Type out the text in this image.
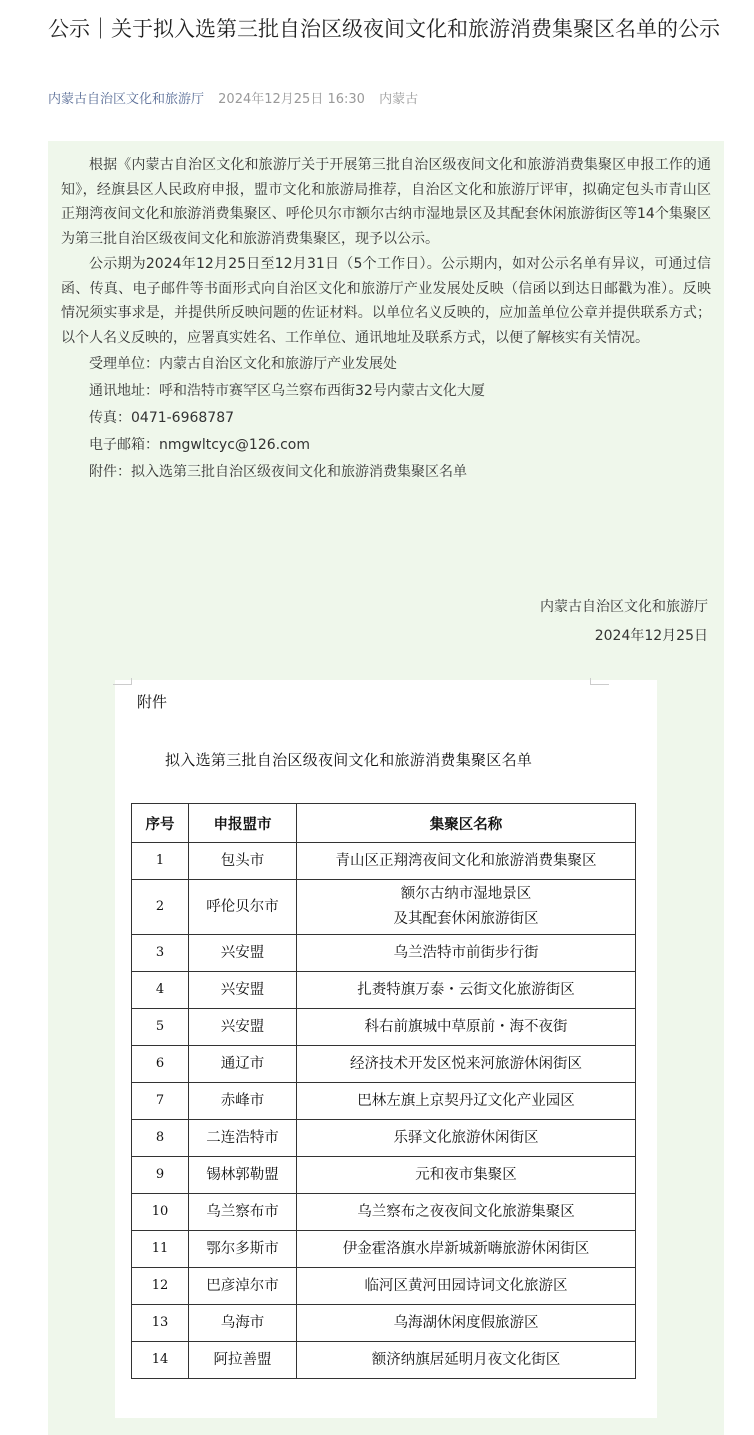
公示｜关于拟入选第三批自治区级夜间文化和旅游消费集聚区名单的公示
内蒙古自治区文化和旅游厅 2024年12月25日 16:30 内蒙古

根据《内蒙古自治区文化和旅游厅关于开展第三批自治区级夜间文化和旅游消费集聚区申报工作的通知》，经旗县区人民政府申报，盟市文化和旅游局推荐，自治区文化和旅游厅评审，拟确定包头市青山区正翔湾夜间文化和旅游消费集聚区、呼伦贝尔市额尔古纳市湿地景区及其配套休闲旅游街区等14个集聚区为第三批自治区级夜间文化和旅游消费集聚区，现予以公示。

公示期为2024年12月25日至12月31日（5个工作日）。公示期内，如对公示名单有异议，可通过信函、传真、电子邮件等书面形式向自治区文化和旅游厅产业发展处反映（信函以到达日邮戳为准）。反映情况须实事求是，并提供所反映问题的佐证材料。以单位名义反映的，应加盖单位公章并提供联系方式；以个人名义反映的，应署真实姓名、工作单位、通讯地址及联系方式，以便了解核实有关情况。

受理单位：内蒙古自治区文化和旅游厅产业发展处
通讯地址：呼和浩特市赛罕区乌兰察布西街32号内蒙古文化大厦
传真：0471-6968787
电子邮箱：nmgwltcyc@126.com
附件：拟入选第三批自治区级夜间文化和旅游消费集聚区名单
内蒙古自治区文化和旅游厅
2024年12月25日
附件
拟入选第三批自治区级夜间文化和旅游消费集聚区名单
序号	申报盟市	集聚区名称
1	包头市	青山区正翔湾夜间文化和旅游消费集聚区
2	呼伦贝尔市	额尔古纳市湿地景区
及其配套休闲旅游街区
3	兴安盟	乌兰浩特市前街步行街
4	兴安盟	扎赉特旗万泰・云街文化旅游街区
5	兴安盟	科右前旗城中草原前・海不夜街
6	通辽市	经济技术开发区悦来河旅游休闲街区
7	赤峰市	巴林左旗上京契丹辽文化产业园区
8	二连浩特市	乐驿文化旅游休闲街区
9	锡林郭勒盟	元和夜市集聚区
10	乌兰察布市	乌兰察布之夜夜间文化旅游集聚区
11	鄂尔多斯市	伊金霍洛旗水岸新城新嗨旅游休闲街区
12	巴彦淖尔市	临河区黄河田园诗词文化旅游区
13	乌海市	乌海湖休闲度假旅游区
14	阿拉善盟	额济纳旗居延明月夜文化街区
